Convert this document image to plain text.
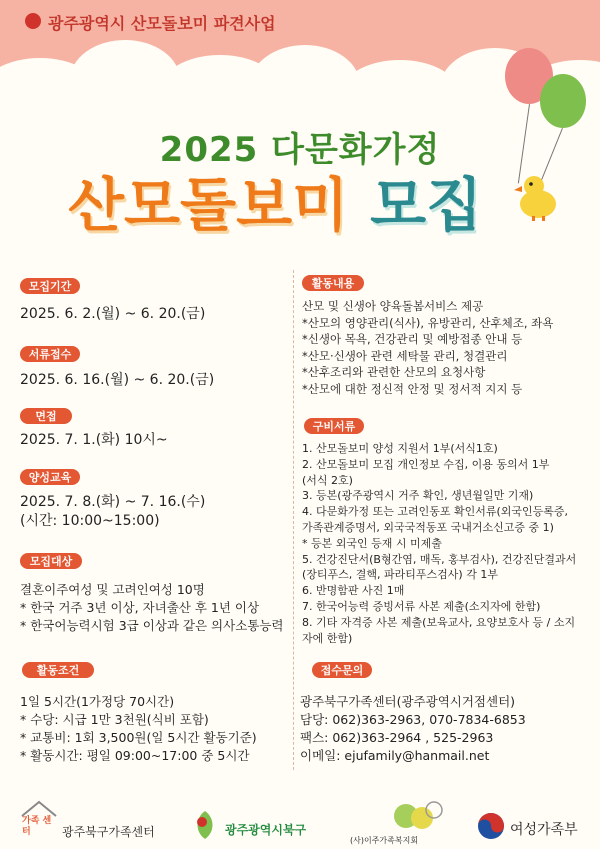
광주광역시 산모돌보미 파견사업
2025 다문화가정
산모돌보미 모집
모집기간
2025. 6. 2.(월) ~ 6. 20.(금)
서류접수
2025. 6. 16.(월) ~ 6. 20.(금)
면접
2025. 7. 1.(화) 10시~
양성교육
2025. 7. 8.(화) ~ 7. 16.(수)
(시간: 10:00~15:00)
모집대상
결혼이주여성 및 고려인여성 10명
* 한국 거주 3년 이상, 자녀출산 후 1년 이상
* 한국어능력시험 3급 이상과 같은 의사소통능력
활동조건
1일 5시간(1가정당 70시간)
* 수당: 시급 1만 3천원(식비 포함)
* 교통비: 1회 3,500원(일 5시간 활동기준)
* 활동시간: 평일 09:00~17:00 중 5시간
활동내용
산모 및 신생아 양육돌봄서비스 제공
*산모의 영양관리(식사), 유방관리, 산후체조, 좌욕
*신생아 목욕, 건강관리 및 예방접종 안내 등
*산모·신생아 관련 세탁물 관리, 청결관리
*산후조리와 관련한 산모의 요청사항
*산모에 대한 정신적 안정 및 정서적 지지 등
구비서류
1. 산모돌보미 양성 지원서 1부(서식1호)
2. 산모돌보미 모집 개인정보 수집, 이용 동의서 1부
(서식 2호)
3. 등본(광주광역시 거주 확인, 생년월일만 기재)
4. 다문화가정 또는 고려인동포 확인서류(외국인등록증,
가족관계증명서, 외국국적동포 국내거소신고증 중 1)
* 등본 외국인 등재 시 미제출
5. 건강진단서(B형간염, 매독, 홍부검사), 건강진단결과서
(장티푸스, 결핵, 파라티푸스검사) 각 1부
6. 반명함판 사진 1매
7. 한국어능력 증빙서류 사본 제출(소지자에 한함)
8. 기타 자격증 사본 제출(보육교사, 요양보호사 등 / 소지
자에 한함)
접수문의
광주북구가족센터(광주광역시거점센터)
담당: 062)363-2963, 070-7834-6853
팩스: 062)363-2964 , 525-2963
이메일: ejufamily@hanmail.net
가족 센터	광주북구가족센터	광주광역시북구
(사)이주가족복지회
여성가족부
